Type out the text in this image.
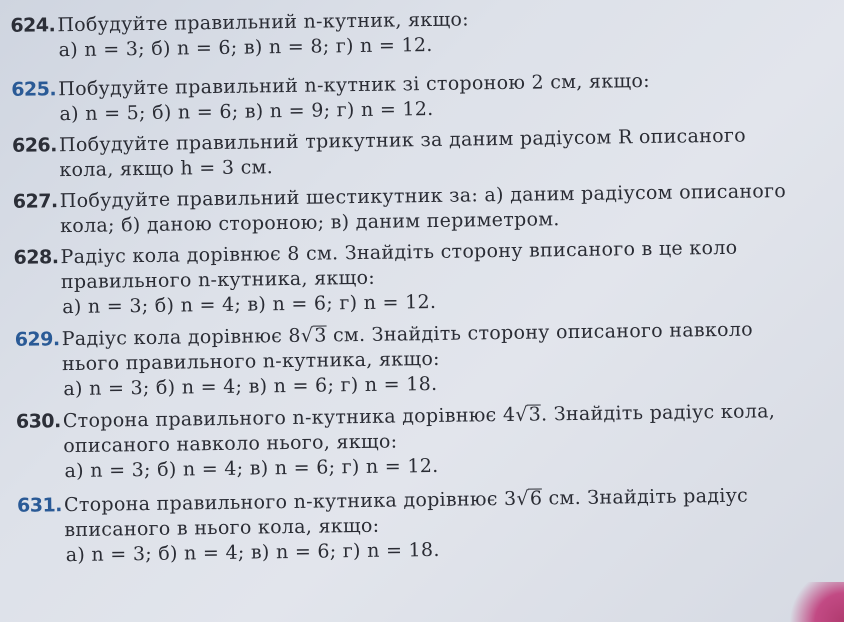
624. Побудуйте правильний n-кутник, якщо:
а) n = 3; б) n = 6; в) n = 8; г) n = 12.
625. Побудуйте правильний n-кутник зі стороною 2 см, якщо:
а) n = 5; б) n = 6; в) n = 9; г) n = 12.
626. Побудуйте правильний трикутник за даним радіусом R описаного
кола, якщо h = 3 см.
627. Побудуйте правильний шестикутник за: а) даним радіусом описаного
кола; б) даною стороною; в) даним периметром.
628. Радіус кола дорівнює 8 см. Знайдіть сторону вписаного в це коло
правильного n-кутника, якщо:
а) n = 3; б) n = 4; в) n = 6; г) n = 12.
629. Радіус кола дорівнює 8√3 см. Знайдіть сторону описаного навколо
нього правильного n-кутника, якщо:
а) n = 3; б) n = 4; в) n = 6; г) n = 18.
630. Сторона правильного n-кутника дорівнює 4√3. Знайдіть радіус кола,
описаного навколо нього, якщо:
а) n = 3; б) n = 4; в) n = 6; г) n = 12.
631. Сторона правильного n-кутника дорівнює 3√6 см. Знайдіть радіус
вписаного в нього кола, якщо:
а) n = 3; б) n = 4; в) n = 6; г) n = 18.
